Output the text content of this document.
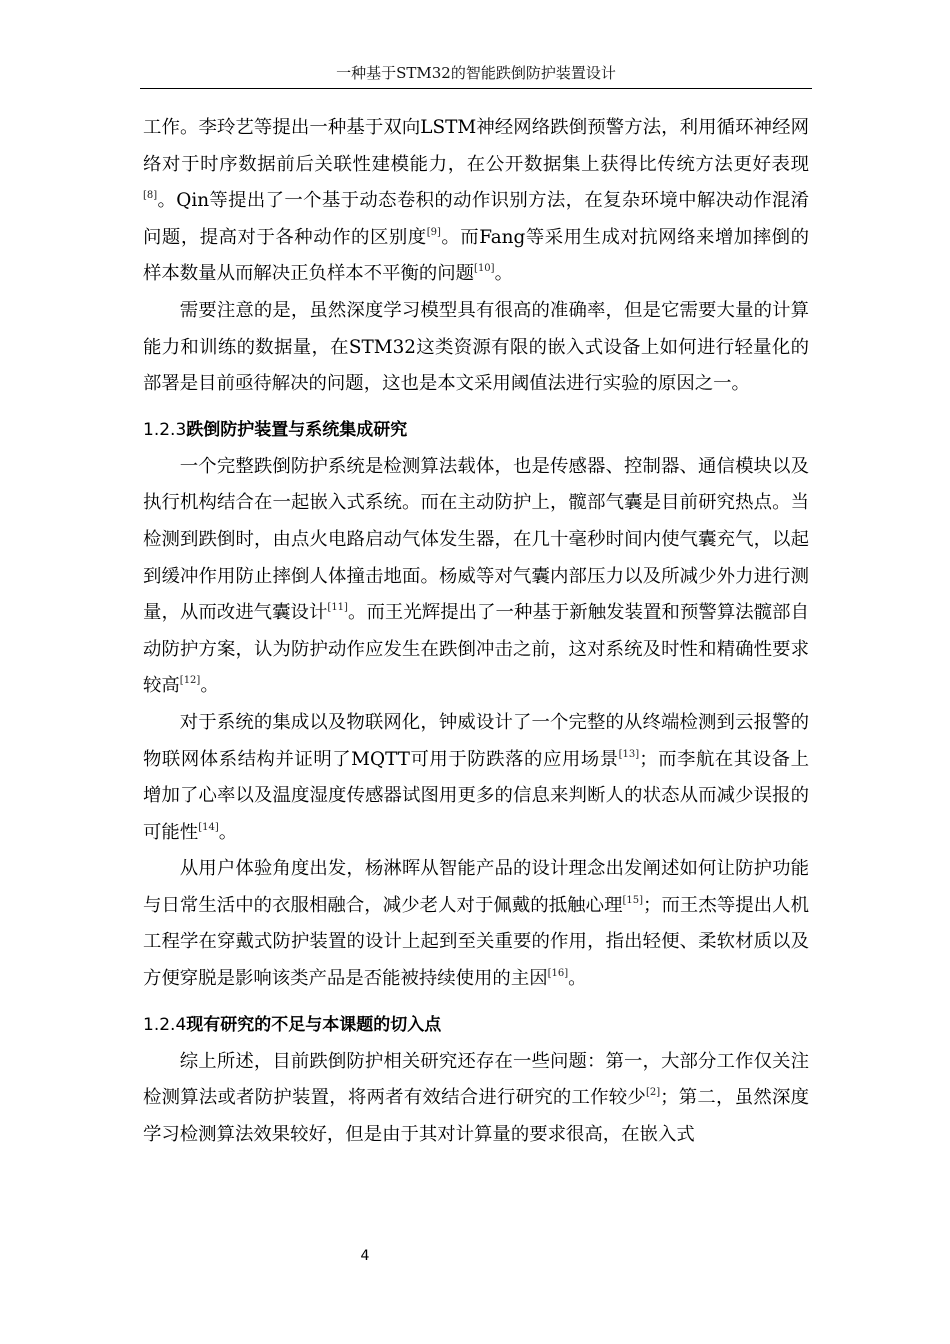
一种基于STM32的智能跌倒防护装置设计

工作。李玲艺等提出一种基于双向LSTM神经网络跌倒预警方法，利用循环神经网络对于时序数据前后关联性建模能力，在公开数据集上获得比传统方法更好表现[8]。Qin等提出了一个基于动态卷积的动作识别方法，在复杂环境中解决动作混淆问题，提高对于各种动作的区别度[9]。而Fang等采用生成对抗网络来增加摔倒的样本数量从而解决正负样本不平衡的问题[10]。

需要注意的是，虽然深度学习模型具有很高的准确率，但是它需要大量的计算能力和训练的数据量，在STM32这类资源有限的嵌入式设备上如何进行轻量化的部署是目前亟待解决的问题，这也是本文采用阈值法进行实验的原因之一。

1.2.3跌倒防护装置与系统集成研究

一个完整跌倒防护系统是检测算法载体，也是传感器、控制器、通信模块以及执行机构结合在一起嵌入式系统。而在主动防护上，髋部气囊是目前研究热点。当检测到跌倒时，由点火电路启动气体发生器，在几十毫秒时间内使气囊充气，以起到缓冲作用防止摔倒人体撞击地面。杨威等对气囊内部压力以及所减少外力进行测量，从而改进气囊设计[11]。而王光辉提出了一种基于新触发装置和预警算法髋部自动防护方案，认为防护动作应发生在跌倒冲击之前，这对系统及时性和精确性要求较高[12]。

对于系统的集成以及物联网化，钟威设计了一个完整的从终端检测到云报警的物联网体系结构并证明了MQTT可用于防跌落的应用场景[13]；而李航在其设备上增加了心率以及温度湿度传感器试图用更多的信息来判断人的状态从而减少误报的可能性[14]。

从用户体验角度出发，杨淋晖从智能产品的设计理念出发阐述如何让防护功能与日常生活中的衣服相融合，减少老人对于佩戴的抵触心理[15]；而王杰等提出人机工程学在穿戴式防护装置的设计上起到至关重要的作用，指出轻便、柔软材质以及方便穿脱是影响该类产品是否能被持续使用的主因[16]。

1.2.4现有研究的不足与本课题的切入点

综上所述，目前跌倒防护相关研究还存在一些问题：第一，大部分工作仅关注检测算法或者防护装置，将两者有效结合进行研究的工作较少[2]；第二，虽然深度学习检测算法效果较好，但是由于其对计算量的要求很高，在嵌入式

4
